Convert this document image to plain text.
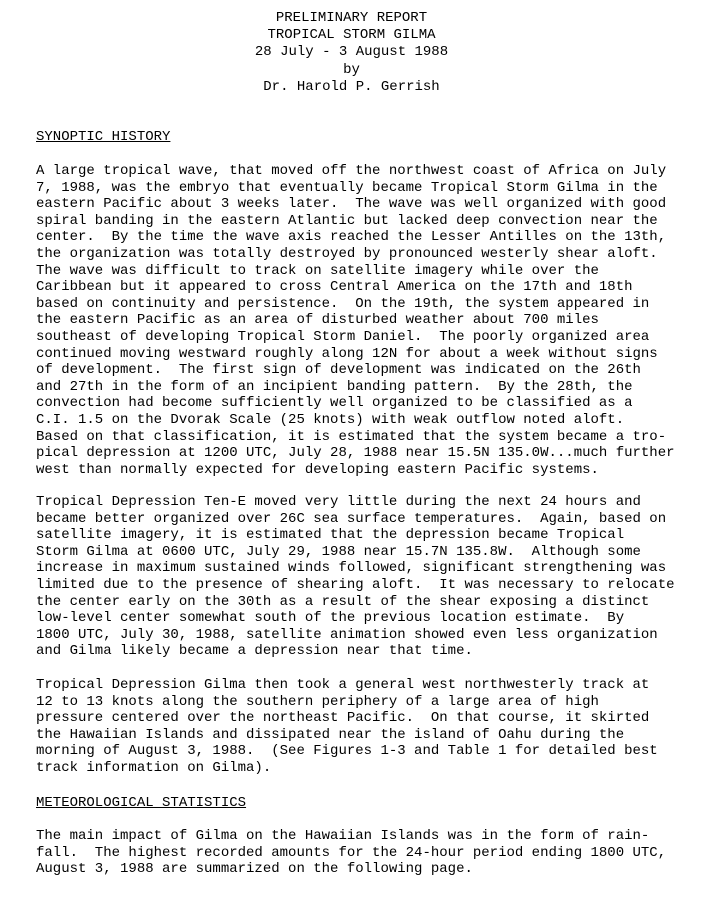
PRELIMINARY REPORT
TROPICAL STORM GILMA
28 July - 3 August 1988
by
Dr. Harold P. Gerrish
SYNOPTIC HISTORY
A large tropical wave, that moved off the northwest coast of Africa on July
7, 1988, was the embryo that eventually became Tropical Storm Gilma in the
eastern Pacific about 3 weeks later.  The wave was well organized with good
spiral banding in the eastern Atlantic but lacked deep convection near the
center.  By the time the wave axis reached the Lesser Antilles on the 13th,
the organization was totally destroyed by pronounced westerly shear aloft.
The wave was difficult to track on satellite imagery while over the
Caribbean but it appeared to cross Central America on the 17th and 18th
based on continuity and persistence.  On the 19th, the system appeared in
the eastern Pacific as an area of disturbed weather about 700 miles
southeast of developing Tropical Storm Daniel.  The poorly organized area
continued moving westward roughly along 12N for about a week without signs
of development.  The first sign of development was indicated on the 26th
and 27th in the form of an incipient banding pattern.  By the 28th, the
convection had become sufficiently well organized to be classified as a
C.I. 1.5 on the Dvorak Scale (25 knots) with weak outflow noted aloft.
Based on that classification, it is estimated that the system became a tro-
pical depression at 1200 UTC, July 28, 1988 near 15.5N 135.0W...much further
west than normally expected for developing eastern Pacific systems.
Tropical Depression Ten-E moved very little during the next 24 hours and
became better organized over 26C sea surface temperatures.  Again, based on
satellite imagery, it is estimated that the depression became Tropical
Storm Gilma at 0600 UTC, July 29, 1988 near 15.7N 135.8W.  Although some
increase in maximum sustained winds followed, significant strengthening was
limited due to the presence of shearing aloft.  It was necessary to relocate
the center early on the 30th as a result of the shear exposing a distinct
low-level center somewhat south of the previous location estimate.  By
1800 UTC, July 30, 1988, satellite animation showed even less organization
and Gilma likely became a depression near that time.
Tropical Depression Gilma then took a general west northwesterly track at
12 to 13 knots along the southern periphery of a large area of high
pressure centered over the northeast Pacific.  On that course, it skirted
the Hawaiian Islands and dissipated near the island of Oahu during the
morning of August 3, 1988.  (See Figures 1-3 and Table 1 for detailed best
track information on Gilma).
METEOROLOGICAL STATISTICS
The main impact of Gilma on the Hawaiian Islands was in the form of rain-
fall.  The highest recorded amounts for the 24-hour period ending 1800 UTC,
August 3, 1988 are summarized on the following page.
